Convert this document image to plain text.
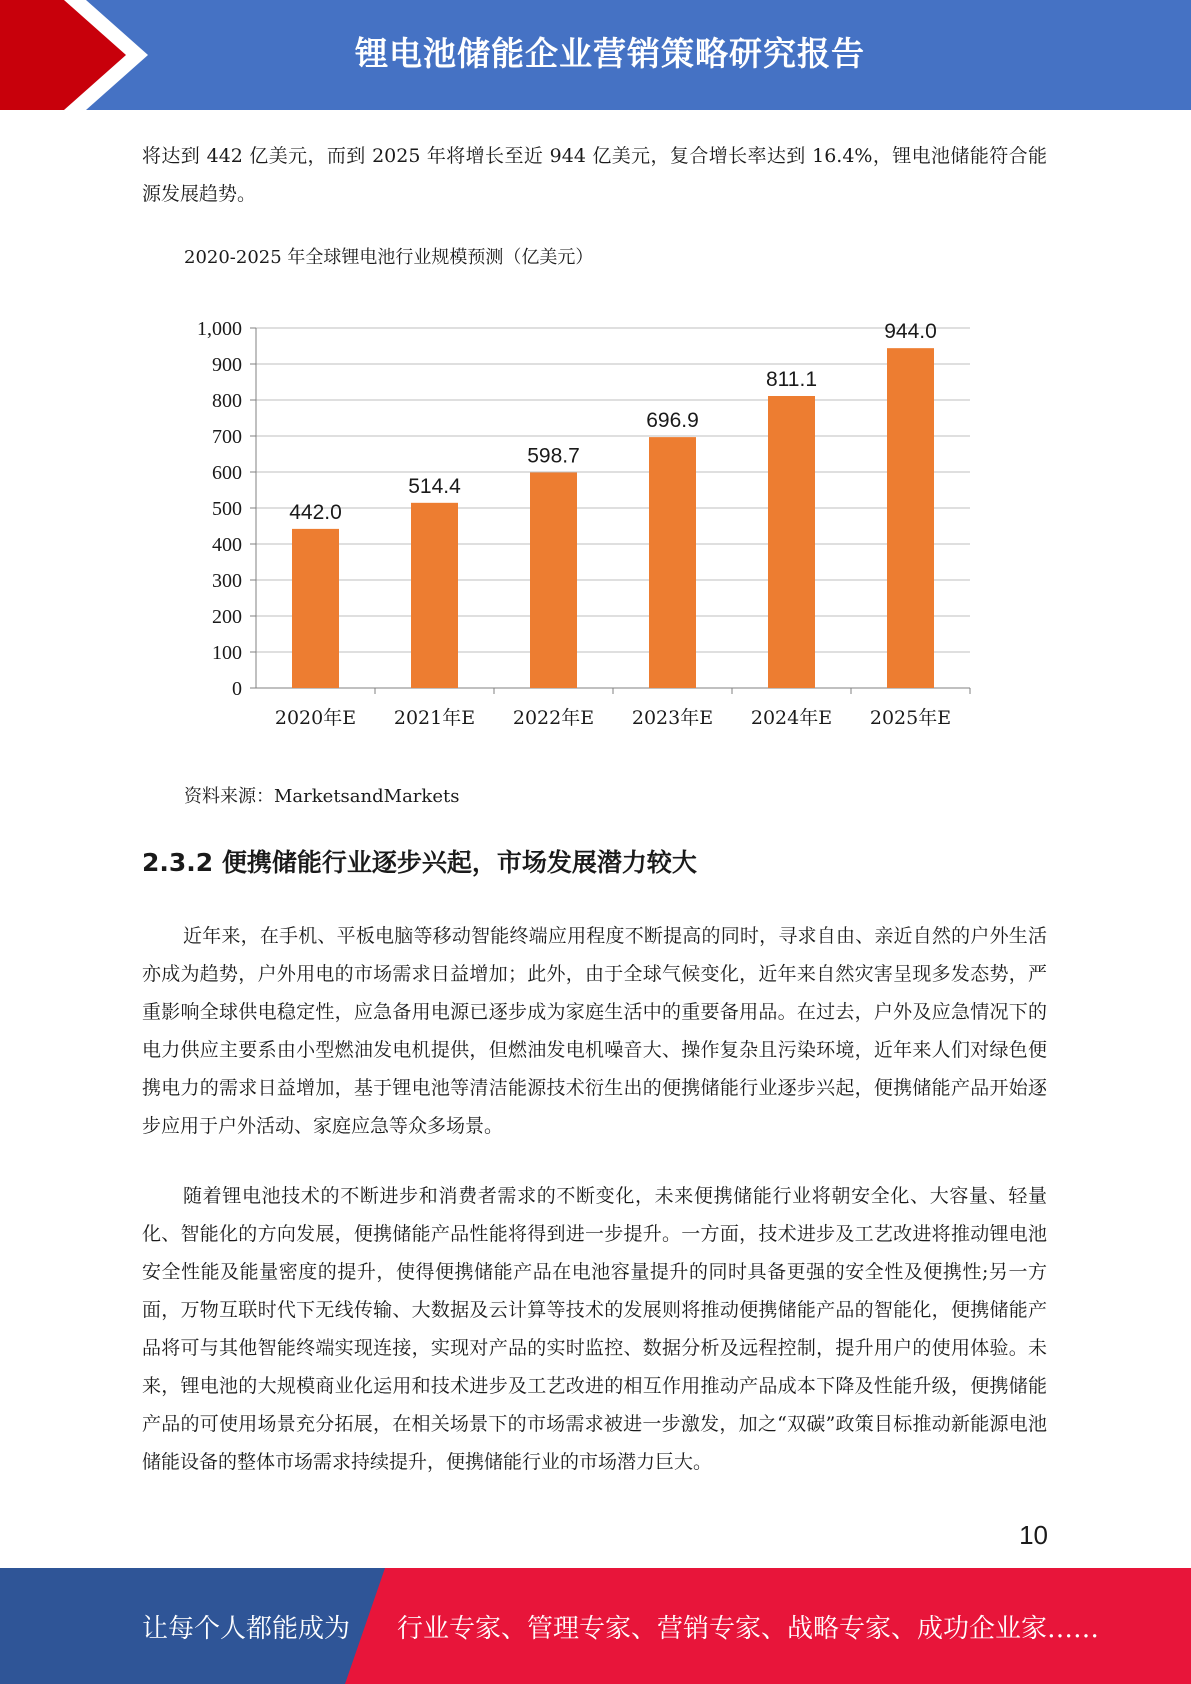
锂电池储能企业营销策略研究报告

将达到 442 亿美元，而到 2025 年将增长至近 944 亿美元，复合增长率达到 16.4%，锂电池储能符合能源发展趋势。

2020-2025 年全球锂电池行业规模预测（亿美元）
0
100
200
300
400
500
600
700
800
900
1,000
442.0
514.4
598.7
696.9
811.1
944.0
2020年E 2021年E 2022年E 2023年E 2024年E 2025年E
资料来源：MarketsandMarkets
2.3.2 便携储能行业逐步兴起，市场发展潜力较大

近年来，在手机、平板电脑等移动智能终端应用程度不断提高的同时，寻求自由、亲近自然的户外生活亦成为趋势，户外用电的市场需求日益增加；此外，由于全球气候变化，近年来自然灾害呈现多发态势，严重影响全球供电稳定性，应急备用电源已逐步成为家庭生活中的重要备用品。在过去，户外及应急情况下的电力供应主要系由小型燃油发电机提供，但燃油发电机噪音大、操作复杂且污染环境，近年来人们对绿色便携电力的需求日益增加，基于锂电池等清洁能源技术衍生出的便携储能行业逐步兴起，便携储能产品开始逐步应用于户外活动、家庭应急等众多场景。

随着锂电池技术的不断进步和消费者需求的不断变化，未来便携储能行业将朝安全化、大容量、轻量化、智能化的方向发展，便携储能产品性能将得到进一步提升。一方面，技术进步及工艺改进将推动锂电池安全性能及能量密度的提升，使得便携储能产品在电池容量提升的同时具备更强的安全性及便携性;另一方面，万物互联时代下无线传输、大数据及云计算等技术的发展则将推动便携储能产品的智能化，便携储能产品将可与其他智能终端实现连接，实现对产品的实时监控、数据分析及远程控制，提升用户的使用体验。未来，锂电池的大规模商业化运用和技术进步及工艺改进的相互作用推动产品成本下降及性能升级，便携储能产品的可使用场景充分拓展，在相关场景下的市场需求被进一步激发，加之“双碳”政策目标推动新能源电池储能设备的整体市场需求持续提升，便携储能行业的市场潜力巨大。

10
让每个人都能成为 行业专家、管理专家、营销专家、战略专家、成功企业家……
